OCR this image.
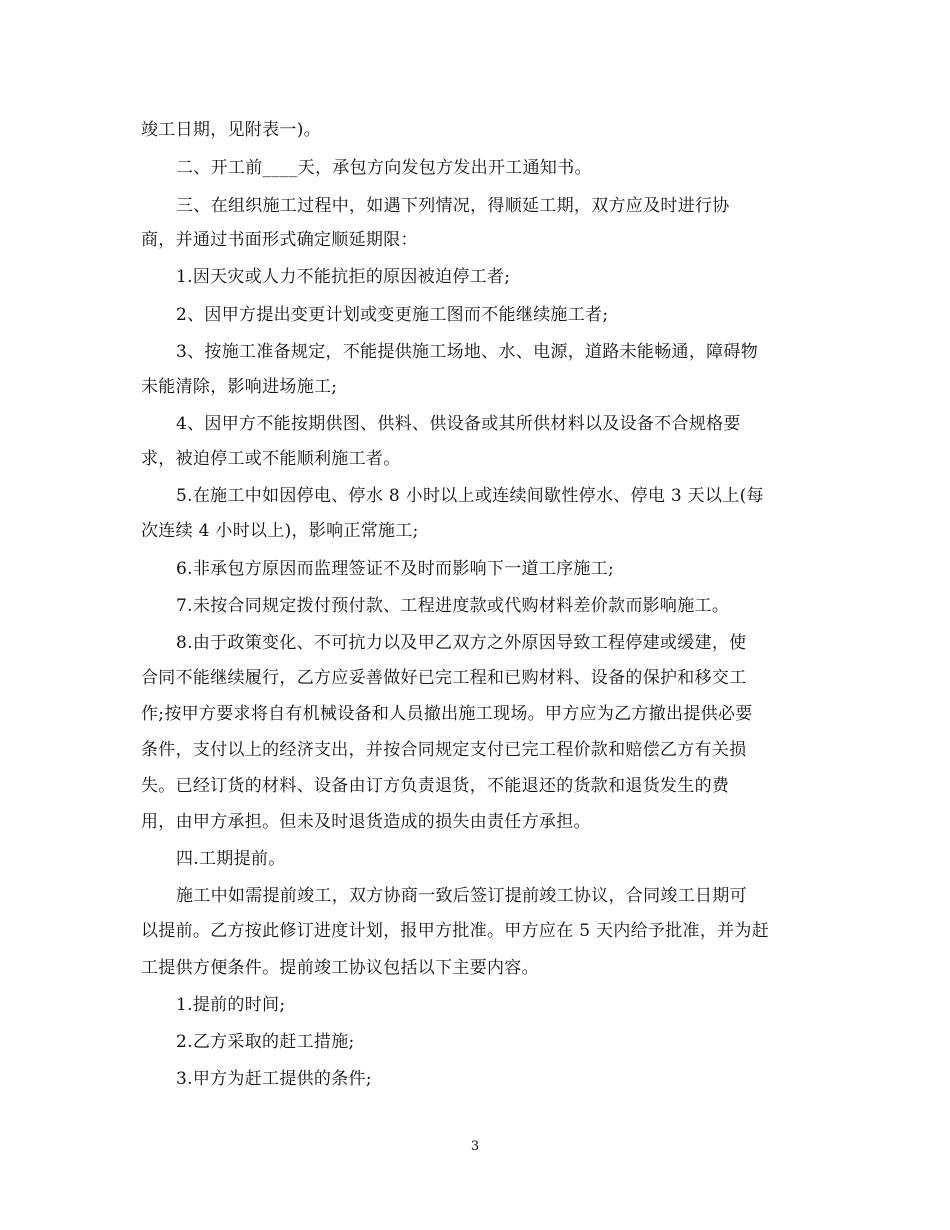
竣工日期，见附表一)。
二、开工前____天，承包方向发包方发出开工通知书。
三、在组织施工过程中，如遇下列情况，得顺延工期，双方应及时进行协
商，并通过书面形式确定顺延期限：
1.因天灾或人力不能抗拒的原因被迫停工者;
2、因甲方提出变更计划或变更施工图而不能继续施工者;
3、按施工准备规定，不能提供施工场地、水、电源，道路未能畅通，障碍物
未能清除，影响进场施工;
4、因甲方不能按期供图、供料、供设备或其所供材料以及设备不合规格要
求，被迫停工或不能顺利施工者。
5.在施工中如因停电、停水 8 小时以上或连续间歇性停水、停电 3 天以上(每
次连续 4 小时以上)，影响正常施工;
6.非承包方原因而监理签证不及时而影响下一道工序施工;
7.未按合同规定拨付预付款、工程进度款或代购材料差价款而影响施工。
8.由于政策变化、不可抗力以及甲乙双方之外原因导致工程停建或缓建，使
合同不能继续履行，乙方应妥善做好已完工程和已购材料、设备的保护和移交工
作;按甲方要求将自有机械设备和人员撤出施工现场。甲方应为乙方撤出提供必要
条件，支付以上的经济支出，并按合同规定支付已完工程价款和赔偿乙方有关损
失。已经订货的材料、设备由订方负责退货，不能退还的货款和退货发生的费
用，由甲方承担。但未及时退货造成的损失由责任方承担。
四.工期提前。
施工中如需提前竣工，双方协商一致后签订提前竣工协议，合同竣工日期可
以提前。乙方按此修订进度计划，报甲方批准。甲方应在 5 天内给予批准，并为赶
工提供方便条件。提前竣工协议包括以下主要内容。
1.提前的时间;
2.乙方采取的赶工措施;
3.甲方为赶工提供的条件;
3
